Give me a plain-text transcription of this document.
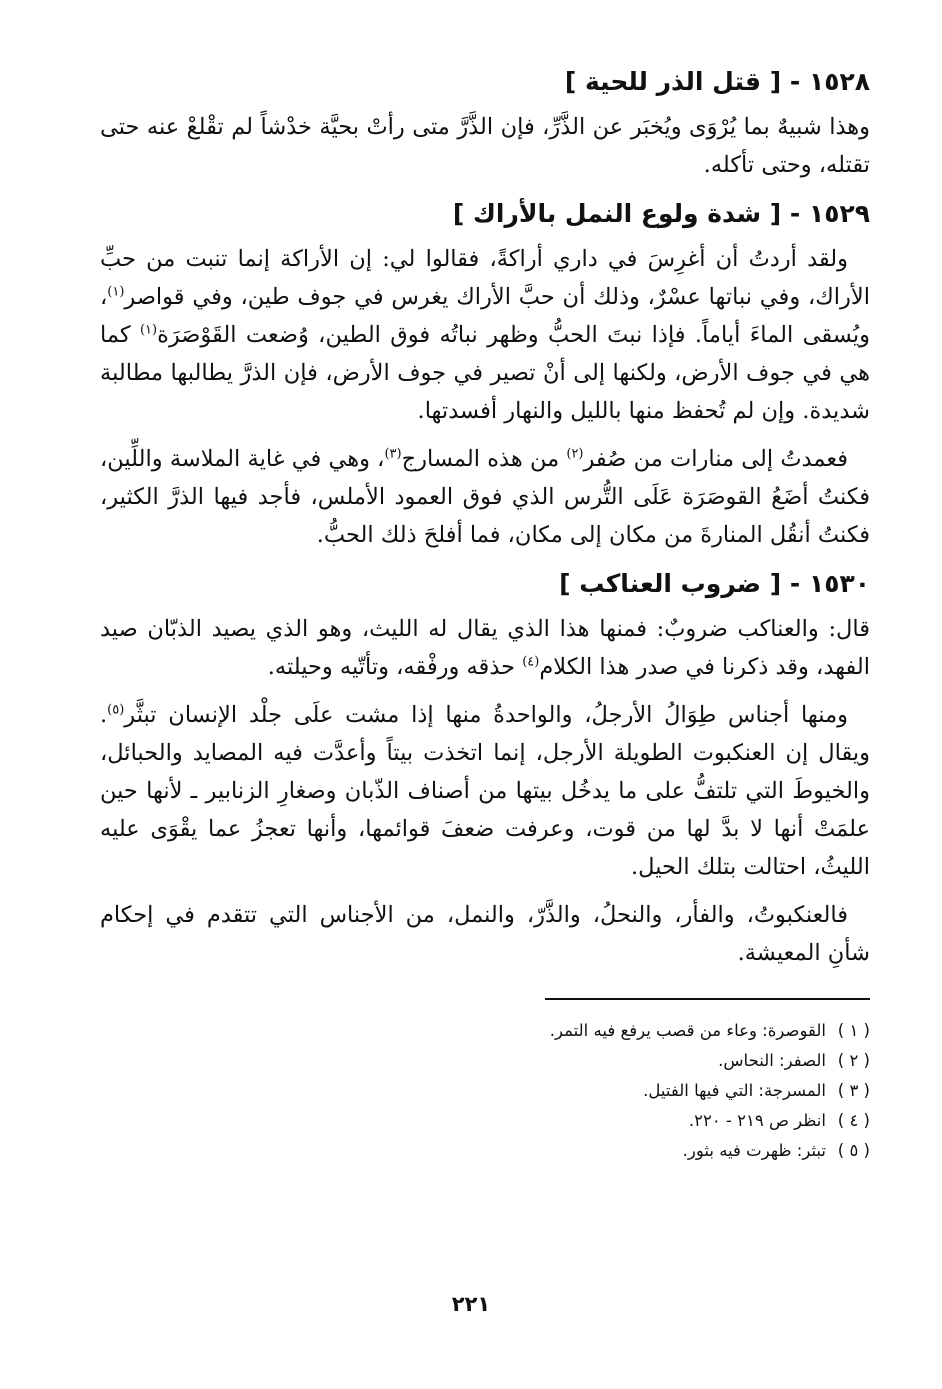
١٥٢٨ - [ قتل الذر للحية ]

وهذا شبيهٌ بما يُرْوَى ويُخبَر عن الذَّرِّ، فإن الذَّرَّ متى رأتْ بحيَّة خدْشاً لم تقْلعْ عنه حتى تقتله، وحتى تأكله.

١٥٢٩ - [ شدة ولوع النمل بالأراك ]

ولقد أردتُ أن أغرِسَ في داري أراكةً، فقالوا لي: إن الأراكة إنما تنبت من حبِّ الأراك، وفي نباتها عسْرٌ، وذلك أن حبَّ الأراك يغرس في جوف طين، وفي قواصر$^{(١)}$، ويُسقى الماءَ أياماً. فإذا نبتَ الحبُّ وظهر نباتُه فوق الطين، وُضعت القَوْصَرَة$^{(١)}$ كما هي في جوف الأرض، ولكنها إلى أنْ تصير في جوف الأرض، فإن الذرَّ يطالبها مطالبة شديدة. وإن لم تُحفظ منها بالليل والنهار أفسدتها.

فعمدتُ إلى منارات من صُفر$^{(٢)}$ من هذه المسارج$^{(٣)}$، وهي في غاية الملاسة واللِّين، فكنتُ أضَعُ القوصَرَة عَلَى التُّرس الذي فوق العمود الأملس، فأجد فيها الذرَّ الكثير، فكنتُ أنقُل المنارةَ من مكان إلى مكان، فما أفلحَ ذلك الحبُّ.

١٥٣٠ - [ ضروب العناكب ]

قال: والعناكب ضروبٌ: فمنها هذا الذي يقال له الليث، وهو الذي يصيد الذبّان صيد الفهد، وقد ذكرنا في صدر هذا الكلام$^{(٤)}$ حذقه ورفْقه، وتأتّيه وحيلته.

ومنها أجناس طِوَالُ الأرجلُ، والواحدةُ منها إذا مشت علَى جلْد الإنسان تبثَّر$^{(٥)}$. ويقال إن العنكبوت الطويلة الأرجل، إنما اتخذت بيتاً وأعدَّت فيه المصايد والحبائل، والخيوطَ التي تلتفُّ على ما يدخُل بيتها من أصناف الذّبان وصغارِ الزنابير ـ لأنها حين علمَتْ أنها لا بدَّ لها من قوت، وعرفت ضعفَ قوائمها، وأنها تعجزُ عما يقْوَى عليه الليثُ، احتالت بتلك الحيل.

فالعنكبوتُ، والفأر، والنحلُ، والذَّرّ، والنمل، من الأجناس التي تتقدم في إحكام شأنِ المعيشة.

( ١ )القوصرة: وعاء من قصب يرفع فيه التمر.
( ٢ )الصفر: النحاس.
( ٣ )المسرجة: التي فيها الفتيل.
( ٤ )انظر ص ٢١٩ - ٢٢٠.
( ٥ )تبثر: ظهرت فيه بثور.
٢٢١
